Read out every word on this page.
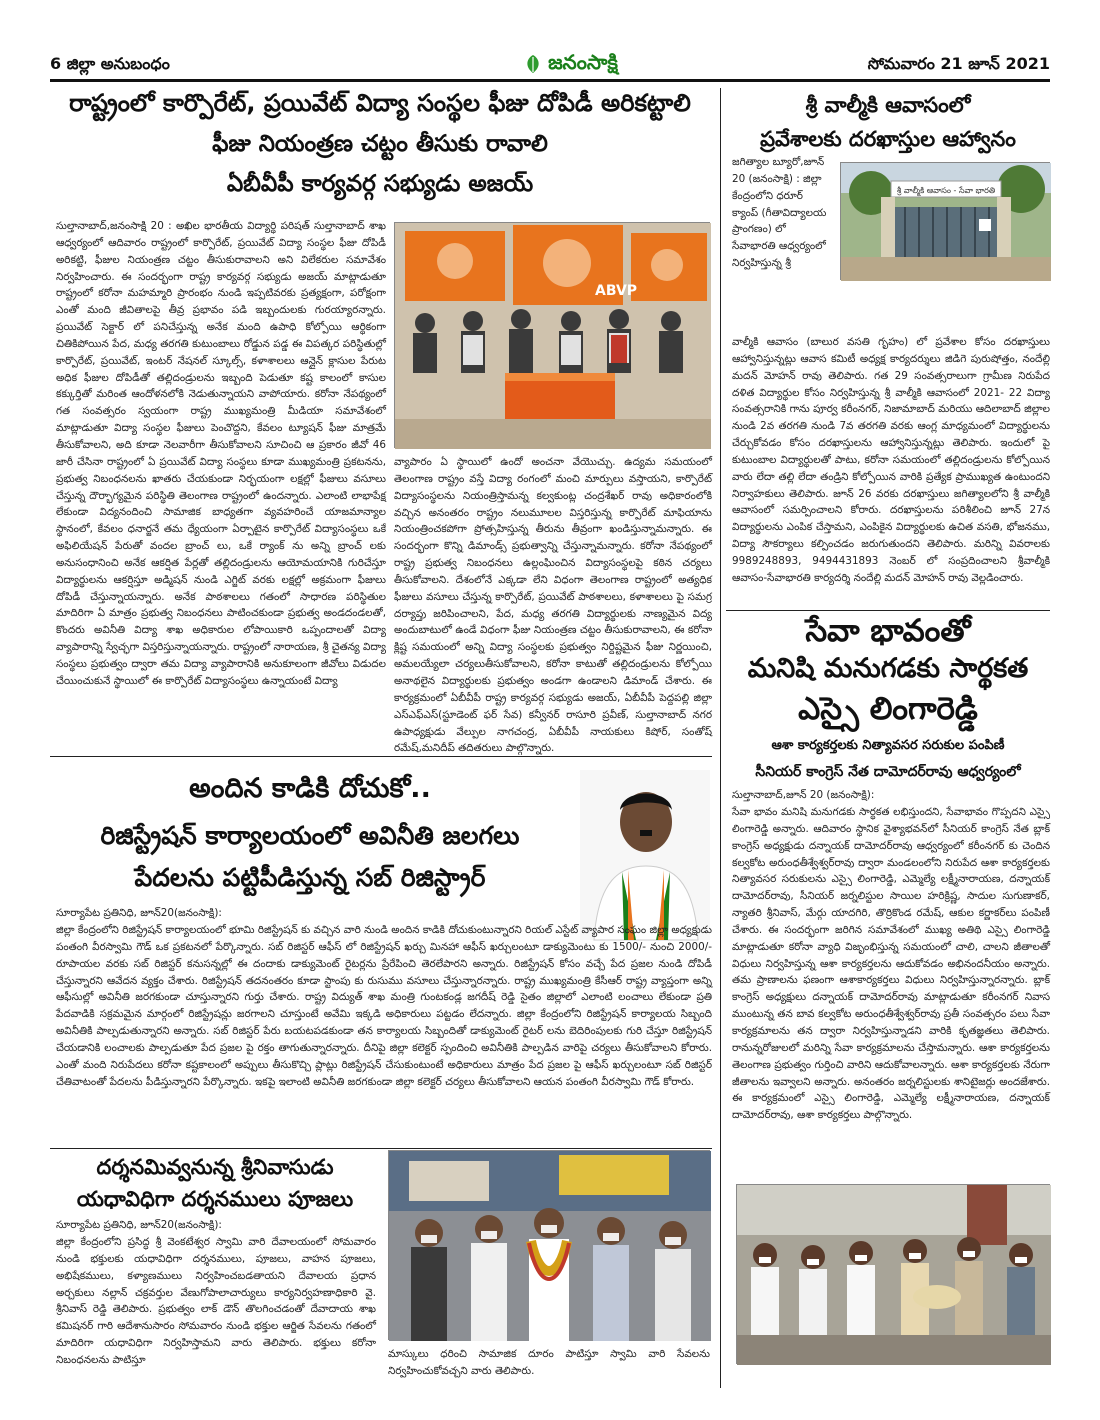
6 జిల్లా అనుబంధం	జనంసాక్షి	సోమవారం 21 జూన్ 2021
రాష్ట్రంలో కార్పొరేట్, ప్రయివేట్ విద్యా సంస్థల ఫీజు దోపిడీ అరికట్టాలి
ఫీజు నియంత్రణ చట్టం తీసుకు రావాలి
ఏబీవీపీ కార్యవర్గ సభ్యుడు అజయ్
సుల్తానాబాద్,జనంసాక్షి 20 : అఖిల భారతీయ విద్యార్థి పరిషత్ సుల్తానాబాద్ శాఖ ఆధ్వర్యంలో ఆదివారం రాష్ట్రంలో కార్పొరేట్, ప్రయివేట్ విద్యా సంస్థల ఫీజు దోపిడీ అరికట్టి, ఫీజుల నియంత్రణ చట్టం తీసుకురావాలని అని విలేకరుల సమావేశం నిర్వహించారు. ఈ సందర్భంగా రాష్ట్ర కార్యవర్గ సభ్యుడు అజయ్ మాట్లాడుతూ రాష్ట్రంలో కరోనా మహమ్మారి ప్రారంభం నుండి ఇప్పటివరకు ప్రత్యక్షంగా, పరోక్షంగా ఎంతో మంది జీవితాలపై తీవ్ర ప్రభావం పడి ఇబ్బందులకు గురయ్యారన్నారు. ప్రయివేట్ సెక్టార్ లో పనిచేస్తున్న అనేక మంది ఉపాధి కోల్పోయి ఆర్థికంగా చితికిపోయిన పేద, మధ్య తరగతి కుటుంబాలు రోడ్డున పడ్డ ఈ విపత్కర పరిస్థితుల్లో కార్పొరేట్, ప్రయివేట్, ఇంటర్ నేషనల్ స్కూల్స్, కళాశాలలు ఆన్లైన్ క్లాసుల పేరుట అధిక ఫీజుల దోపిడీతో తల్లిదండ్రులను ఇబ్బంది పెడుతూ కష్ట కాలంలో కాసుల కక్కుర్తితో మరింత ఆందోళనలోకి నెడుతున్నాయని వాపోయారు. కరోనా నేపథ్యంలో గత సంవత్సరం స్వయంగా రాష్ట్ర ముఖ్యమంత్రి మీడియా సమావేశంలో మాట్లాడుతూ విద్యా సంస్థల ఫీజులు పెంచొద్దని, కేవలం ట్యూషన్ ఫీజు మాత్రమే తీసుకోవాలని, అది కూడా నెలవారీగా తీసుకోవాలని సూచించి ఆ ప్రకారం జీవో 46 జారీ చేసినా రాష్ట్రంలో ఏ ప్రయివేట్ విద్యా సంస్థలు కూడా ముఖ్యమంత్రి ప్రకటనను, ప్రభుత్వ నిబంధనలను ఖాతరు చేయకుండా నిర్భయంగా లక్షల్లో ఫీజులు వసూలు చేస్తున్న దౌర్భాగ్యమైన పరిస్థితి తెలంగాణ రాష్ట్రంలో ఉందన్నారు. ఎలాంటి లాభాపేక్ష లేకుండా విద్యనందించి సామాజిక బాధ్యతగా వ్యవహరించే యాజమాన్యాల స్థానంలో, కేవలం ధనార్జనే తమ ధ్యేయంగా ఏర్పాటైన కార్పొరేట్ విద్యాసంస్థలు ఒకే అఫిలియేషన్ పేరుతో వందల బ్రాంచ్ లు, ఒకే ర్యాంక్ ను అన్ని బ్రాంచ్ లకు అనుసంధానించి అనేక ఆకర్షిత పేర్లతో తల్లిదండ్రులను ఆయోమయానికి గురిచేస్తూ విద్యార్థులను ఆకర్షిస్తూ అడ్మిషన్ నుండి ఎగ్జిట్ వరకు లక్షల్లో అక్రమంగా ఫీజులు దోపిడీ చేస్తున్నాయన్నారు. అనేక పాఠశాలలు గతంలో సాధారణ పరిస్థితుల మాదిరిగా ఏ మాత్రం ప్రభుత్వ నిబంధనలు పాటించకుండా ప్రభుత్వ అండదండలతో, కొందరు అవినీతి విద్యా శాఖ అధికారుల లోపాయికారి ఒప్పందాలతో విద్యా వ్యాపారాన్ని స్వేచ్ఛగా విస్తరిస్తున్నాయన్నారు. రాష్ట్రంలో నారాయణ, శ్రీ చైతన్య విద్యా సంస్థలు ప్రభుత్వం ద్వారా తమ విద్యా వ్యాపారానికి అనుకూలంగా జీవోలు విడుదల చేయించుకునే స్థాయిలో ఈ కార్పొరేట్ విద్యాసంస్థలు ఉన్నాయంటే విద్యా
ABVP
వ్యాపారం ఏ స్థాయిలో ఉందో అంచనా వేయొచ్చు. ఉద్యమ సమయంలో తెలంగాణ రాష్ట్రం వస్తే విద్యా రంగంలో మంచి మార్పులు వస్తాయని, కార్పొరేట్ విద్యాసంస్థలను నియంత్రిస్తామన్న కల్వకుంట్ల చంద్రశేఖర్ రావు అధికారంలోకి వచ్చిన అనంతరం రాష్ట్రం నలుమూలల విస్తరిస్తున్న కార్పొరేట్ మాఫియాను నియంత్రించకపోగా ప్రోత్సహిస్తున్న తీరును తీవ్రంగా ఖండిస్తున్నామన్నారు. ఈ సందర్భంగా కొన్ని డిమాండ్స్ ప్రభుత్వాన్ని చేస్తున్నామన్నారు. కరోనా నేపథ్యంలో రాష్ట్ర ప్రభుత్వ నిబంధనలు ఉల్లంఘించిన విద్యాసంస్థలపై కఠిన చర్యలు తీసుకోవాలని. దేశంలోనే ఎక్కడా లేని విధంగా తెలంగాణ రాష్ట్రంలో అత్యధిక ఫీజులు వసూలు చేస్తున్న కార్పొరేట్, ప్రయివేట్ పాఠశాలలు, కళాశాలలు పై సమగ్ర దర్యాప్తు జరిపించాలని, పేద, మధ్య తరగతి విద్యార్థులకు నాణ్యమైన విద్య అందుబాటులో ఉండే విధంగా ఫీజు నియంత్రణ చట్టం తీసుకురావాలని, ఈ కరోనా క్లిష్ట సమయంలో అన్ని విద్యా సంస్థలకు ప్రభుత్వం నిర్దిష్టమైన ఫీజు నిర్ణయించి, అమలయ్యేలా చర్యలుతీసుకోవాలని, కరోనా కాటుతో తల్లిదండ్రులను కోల్పోయి అనాథలైన విద్యార్థులకు ప్రభుత్వం అండగా ఉండాలని డిమాండ్ చేశారు. ఈ కార్యక్రమంలో ఏబీవీపీ రాష్ట్ర కార్యవర్గ సభ్యుడు అజయ్, ఏబీవీపీ పెద్దపల్లి జిల్లా ఎస్ఎఫ్ఎస్(స్టూడెంట్ ఫర్ సేవ) కన్వీనర్ రాసూరి ప్రవీణ్, సుల్తానాబాద్ నగర ఉపాధ్యక్షుడు వేల్పుల నాగచంద్ర, ఏబీవీపీ నాయకులు కిషోర్, సంతోష్ రమేష్,మనిదీప్ తదితరులు పాల్గొన్నారు.
అందిన కాడికి దోచుకో..
రిజిస్ట్రేషన్ కార్యాలయంలో అవినీతి జలగలు
పేదలను పట్టిపీడిస్తున్న సబ్ రిజిస్ట్రార్
సూర్యాపేట ప్రతినిధి, జూన్20(జనంసాక్షి):
జిల్లా కేంద్రంలోని రిజిస్ట్రేషన్ కార్యాలయంలో భూమి రిజిస్ట్రేషన్ కు వచ్చిన వారి నుండి అందిన కాడికి దోచుకుంటున్నారని రియల్ ఎస్టేట్ వ్యాపార సంఘం జిల్లా అధ్యక్షుడు పంతంగి వీరస్వామి గౌడ్ ఒక ప్రకటనలో పేర్కొన్నారు. సబ్ రిజిస్టర్ ఆఫీస్ లో రిజిస్ట్రేషన్ ఖర్చు మినహా ఆఫీస్ ఖర్చులంటూ డాక్యుమెంటు కు 1500/- నుంచి 2000/- రూపాయల వరకు సబ్ రిజిస్టర్ కనుసన్నల్లో ఈ దందాకు డాక్యుమెంట్ రైటర్లను ప్రేరేపించి తెరలేపారని అన్నారు. రిజిస్ట్రేషన్ కోసం వచ్చే పేద ప్రజల నుండి దోపిడీ చేస్తున్నారని ఆవేదన వ్యక్తం చేశారు. రిజిస్ట్రేషన్ తదనంతరం కూడా స్టాంపు కు రుసుము వసూలు చేస్తున్నారన్నారు. రాష్ట్ర ముఖ్యమంత్రి కేసీఆర్ రాష్ట్ర వ్యాప్తంగా అన్ని ఆఫీసుల్లో అవినీతి జరగకుండా చూస్తున్నారని గుర్తు చేశారు. రాష్ట్ర విద్యుత్ శాఖ మంత్రి గుంటకండ్ల జగదీష్ రెడ్డి సైతం జిల్లాలో ఎలాంటి లంచాలు లేకుండా ప్రతి పేదవాడికి సక్రమమైన మార్గంలో రిజిస్ట్రేషన్లు జరగాలని చూస్తుంటే అవేమి ఇక్కడి అధికారులు పట్టడం లేదన్నారు. జిల్లా కేంద్రంలోని రిజిస్ట్రేషన్ కార్యాలయ సిబ్బంది అవినీతికి పాల్పడుతున్నారని అన్నారు. సబ్ రిజిస్టర్ పేరు బయటపడకుండా తన కార్యాలయ సిబ్బందితో డాక్యుమెంట్ రైటర్ లను బెదిరింపులకు గురి చేస్తూ రిజిస్ట్రేషన్ చేయడానికి లంచాలకు పాల్పడుతూ పేద ప్రజల పై రక్తం తాగుతున్నారన్నారు. దీనిపై జిల్లా కలెక్టర్ స్పందించి అవినీతికి పాల్పడిన వారిపై చర్యలు తీసుకోవాలని కోరారు. ఎంతో మంది నిరుపేదలు కరోనా కష్టకాలంలో అప్పులు తీసుకొచ్చి ప్లాట్లు రిజిస్ట్రేషన్ చేసుకుంటుంటే అధికారులు మాత్రం పేద ప్రజల పై ఆఫీస్ ఖర్చులంటూ సబ్ రిజిస్టర్ చేతివాటంతో పేదలను పీడిస్తున్నారని పేర్కొన్నారు. ఇకపై ఇలాంటి అవినీతి జరగకుండా జిల్లా కలెక్టర్ చర్యలు తీసుకోవాలని ఆయన పంతంగి వీరస్వామి గౌడ్ కోరారు.
దర్శనమివ్వనున్న శ్రీనివాసుడు
యధావిధిగా దర్శనములు పూజలు
సూర్యాపేట ప్రతినిధి, జూన్20(జనంసాక్షి):
జిల్లా కేంద్రంలోని ప్రసిద్ధ శ్రీ వెంకటేశ్వర స్వామి వారి దేవాలయంలో సోమవారం నుండి భక్తులకు యధావిధిగా దర్శనములు, పూజలు, వాహన పూజలు, అభిషేకములు, కళ్యాణములు నిర్వహించబడతాయని దేవాలయ ప్రధాన అర్చకులు నల్లాన్ చక్రవర్తుల వేణుగోపాలాచార్యులు కార్యనిర్వహణాధికారి వై. శ్రీనివాస్ రెడ్డి తెలిపారు. ప్రభుత్వం లాక్ డౌన్ తొలగించడంతో దేవాదాయ శాఖ కమిషనర్ గారి ఆదేశానుసారం సోమవారం నుండి భక్తుల ఆర్జిత సేవలను గతంలో మాదిరిగా యధావిధిగా నిర్వహిస్తామని వారు తెలిపారు. భక్తులు కరోనా నిబంధనలను పాటిస్తూ	మాస్కులు ధరించి సామాజిక దూరం పాటిస్తూ స్వామి వారి సేవలను నిర్వహించుకోవచ్చని వారు తెలిపారు.
శ్రీ వాల్మీకి ఆవాసంలో
ప్రవేశాలకు దరఖాస్తుల ఆహ్వానం
జగిత్యాల బ్యూరో,జూన్ 20 (జనంసాక్షి) : జిల్లా కేంద్రంలోని ధరూర్ క్యాంప్ (గీతావిద్యాలయ ప్రాంగణం) లో సేవాభారతి ఆధ్వర్యంలో నిర్వహిస్తున్న శ్రీ
శ్రీ వాల్మీకి ఆవాసం - సేవా భారతి
వాల్మీకి ఆవాసం (బాలుర వసతి గృహం) లో ప్రవేశాల కోసం దరఖాస్తులు ఆహ్వానిస్తున్నట్లు ఆవాస కమిటీ అధ్యక్ష కార్యదర్శులు జిడిగె పురుషోత్తం, నందేల్లి మదన్ మోహన్ రావు తెలిపారు. గత 29 సంవత్సరాలుగా గ్రామీణ నిరుపేద దళిత విద్యార్థుల కోసం నిర్వహిస్తున్న శ్రీ వాల్మీకి ఆవాసంలో 2021- 22 విద్యా సంవత్సరానికి గాను పూర్వ కరీంనగర్, నిజామాబాద్ మరియు ఆదిలాబాద్ జిల్లాల నుండి 2వ తరగతి నుండి 7వ తరగతి వరకు ఆంగ్ల మాధ్యమంలో విద్యార్థులను చేర్చుకోవడం కోసం దరఖాస్తులను ఆహ్వానిస్తున్నట్లు తెలిపారు. ఇందులో పై కుటుంబాల విద్యార్థులతో పాటు, కరోనా సమయంలో తల్లిదండ్రులను కోల్పోయిన వారు లేదా తల్లి లేదా తండ్రిని కోల్పోయిన వారికి ప్రత్యేక ప్రాముఖ్యత ఉంటుందని నిర్వాహకులు తెలిపారు. జూన్ 26 వరకు దరఖాస్తులు జగిత్యాలలోని శ్రీ వాల్మీకి ఆవాసంలో సమర్పించాలని కోరారు. దరఖాస్తులను పరిశీలించి జూన్ 27న విద్యార్థులను ఎంపిక చేస్తామని, ఎంపికైన విద్యార్థులకు ఉచిత వసతి, భోజనము, విద్యా సౌకర్యాలు కల్పించడం జరుగుతుందని తెలిపారు. మరిన్ని వివరాలకు 9989248893, 9494431893 నెంబర్ లో సంప్రదించాలని శ్రీవాల్మీకి ఆవాసం-సేవాభారతి కార్యదర్శి నందేల్లి మదన్ మోహన్ రావు వెల్లడించారు.
సేవా భావంతో
మనిషి మనుగడకు సార్థకత
ఎస్సై లింగారెడ్డి
ఆశా కార్యకర్తలకు నిత్యావసర సరుకుల పంపిణీ
సీనియర్ కాంగ్రెస్ నేత దామోదర్‌రావు ఆధ్వర్యంలో
సుల్తానాబాద్,జూన్ 20 (జనంసాక్షి):
సేవా భావం మనిషి మనుగడకు సార్థకత లభిస్తుందని, సేవాభావం గొప్పదని ఎస్సై లింగారెడ్డి అన్నారు. ఆదివారం స్థానిక వైశ్యాభవన్‌లో సీనియర్ కాంగ్రెస్ నేత బ్లాక్ కాంగ్రెస్ అధ్యక్షుడు దన్నాయక్ దామోదర్‌రావు ఆధ్వర్యంలో కరీంనగర్ కు చెందిన కల్వకోట అరుంధతీశ్వేశ్వర్‌రావు ద్వారా మండలంలోని నిరుపేద ఆశా కార్యకర్తలకు నిత్యావసర సరుకులను ఎస్సై లింగారెడ్డి, ఎమ్మెల్యే లక్ష్మీనారాయణ, దన్నాయక్ దామోదర్‌రావు, సీనియర్ జర్నలిస్టుల సాయిల హరిక్రిష్ణ, సాదుల సుగుణాకర్, న్యాతరి శ్రీనివాస్, మేర్గు యాదగిరి, తొర్రికొండ రమేష్, ఆకుల కర్ణాకర్‌లు పంపిణీ చేశారు. ఈ సందర్భంగా జరిగిన సమావేశంలో ముఖ్య అతిథి ఎస్సై లింగారెడ్డి మాట్లాడుతూ కరోనా వ్యాధి విజృంభిస్తున్న సమయంలో చాలి, చాలని జీతాలతో విధులు నిర్వహిస్తున్న ఆశా కార్యకర్తలను ఆదుకోవడం అభినందనీయం అన్నారు. తమ ప్రాణాలను ఫణంగా ఆశాకార్యకర్తలు విధులు నిర్వహిస్తున్నారన్నారు. బ్లాక్ కాంగ్రెస్ అధ్యక్షులు దన్నాయక్ దామోదర్‌రావు మాట్లాడుతూ కరీంనగర్ నివాస ముంటున్న తన బావ కల్వకోట అరుంధతీశ్వేశ్వర్‌రావు ప్రతీ సంవత్సరం పలు సేవా కార్యక్రమాలను తన ద్వారా నిర్వహిస్తున్నాడని వారికి కృతజ్ఞతలు తెలిపారు. రానున్నరోజులలో మరిన్ని సేవా కార్యక్రమాలను చేస్తామన్నారు. ఆశా కార్యకర్తలను తెలంగాణ ప్రభుత్వం గుర్తించి వారిని ఆదుకోవాలన్నారు. ఆశా కార్యకర్తలకు నేరుగా జీతాలను ఇవ్వాలని అన్నారు. అనంతరం జర్నలిస్టులకు శానిటైజర్లు అందజేశారు. ఈ కార్యక్రమంలో ఎస్సై లింగారెడ్డి, ఎమ్మెల్యే లక్ష్మీనారాయణ, దన్నాయక్ దామోదర్‌రావు, ఆశా కార్యకర్తలు పాల్గొన్నారు.
